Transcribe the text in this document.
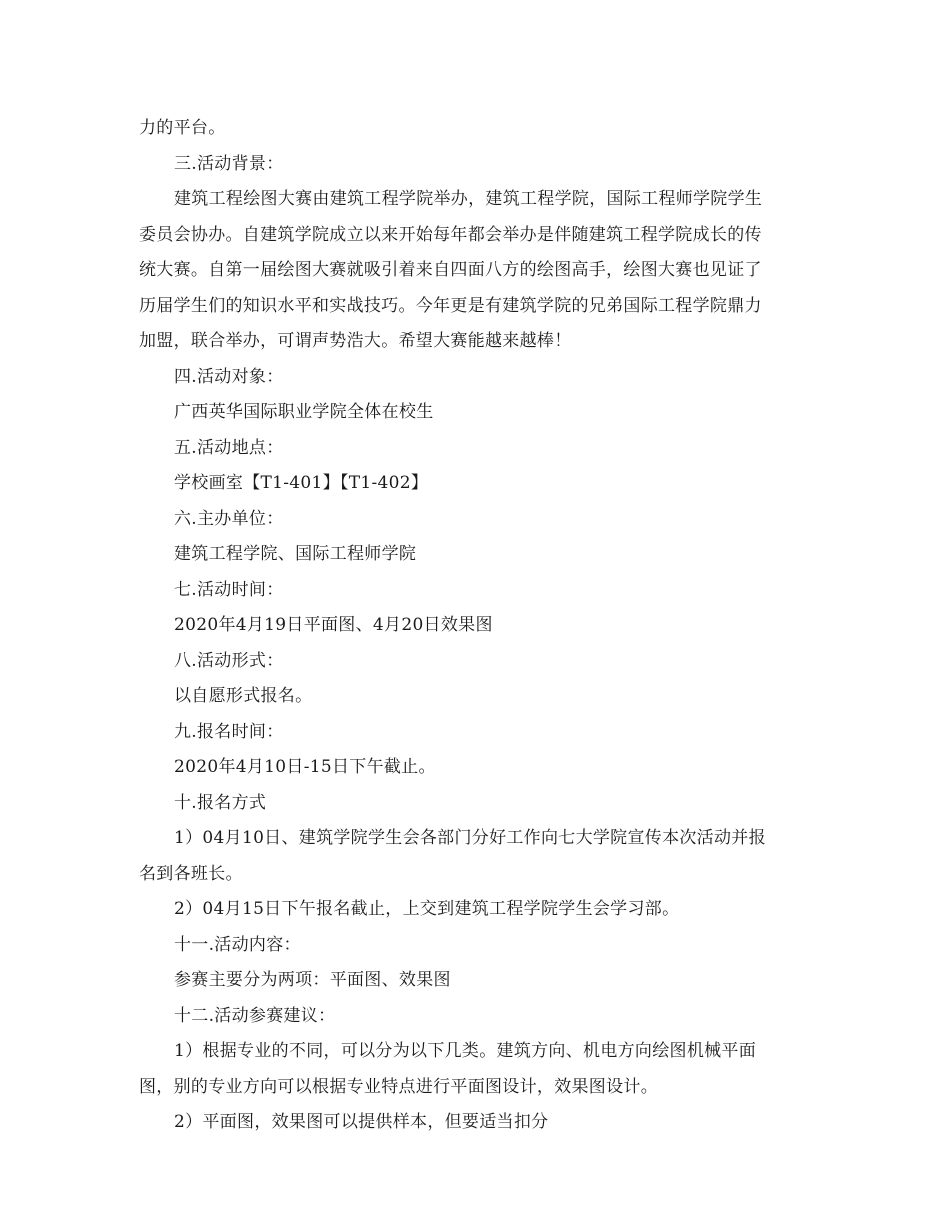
力的平台。
三.活动背景：
建筑工程绘图大赛由建筑工程学院举办，建筑工程学院，国际工程师学院学生
委员会协办。自建筑学院成立以来开始每年都会举办是伴随建筑工程学院成长的传
统大赛。自第一届绘图大赛就吸引着来自四面八方的绘图高手，绘图大赛也见证了
历届学生们的知识水平和实战技巧。今年更是有建筑学院的兄弟国际工程学院鼎力
加盟，联合举办，可谓声势浩大。希望大赛能越来越棒！
四.活动对象：
广西英华国际职业学院全体在校生
五.活动地点：
学校画室【T1-401】【T1-402】
六.主办单位：
建筑工程学院、国际工程师学院
七.活动时间：
2020年4月19日平面图、4月20日效果图
八.活动形式：
以自愿形式报名。
九.报名时间：
2020年4月10日-15日下午截止。
十.报名方式
1）04月10日、建筑学院学生会各部门分好工作向七大学院宣传本次活动并报
名到各班长。
2）04月15日下午报名截止，上交到建筑工程学院学生会学习部。
十一.活动内容：
参赛主要分为两项：平面图、效果图
十二.活动参赛建议：
1）根据专业的不同，可以分为以下几类。建筑方向、机电方向绘图机械平面
图，别的专业方向可以根据专业特点进行平面图设计，效果图设计。
2）平面图，效果图可以提供样本，但要适当扣分
